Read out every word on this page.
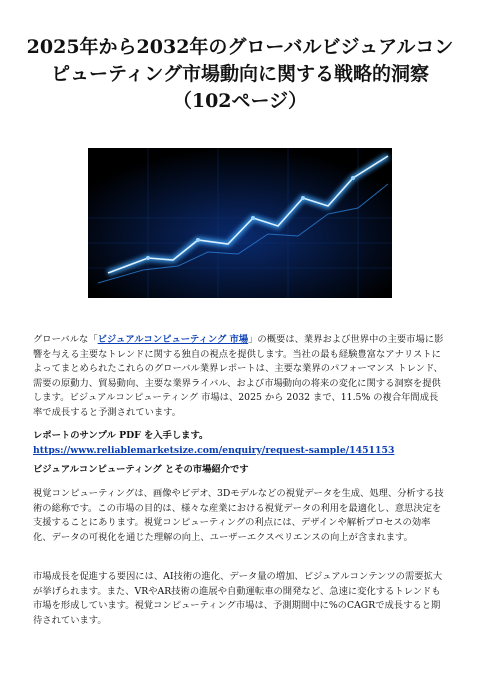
2025年から2032年のグローバルビジュアルコン
ピューティング市場動向に関する戦略的洞察
（102ページ）

グローバルな「ビジュアルコンピューティング 市場」の概要は、業界および世界中の主要市場に影響を与える主要なトレンドに関する独自の視点を提供します。当社の最も経験豊富なアナリストによってまとめられたこれらのグローバル業界レポートは、主要な業界のパフォーマンス トレンド、需要の原動力、貿易動向、主要な業界ライバル、および市場動向の将来の変化に関する洞察を提供します。ビジュアルコンピューティング 市場は、2025 から 2032 まで、11.5% の複合年間成長率で成長すると予測されています。

レポートのサンプル PDF を入手します。 https://www.reliablemarketsize.com/enquiry/request-sample/1451153

ビジュアルコンピューティング とその市場紹介です

視覚コンピューティングは、画像やビデオ、3Dモデルなどの視覚データを生成、処理、分析する技術の総称です。この市場の目的は、様々な産業における視覚データの利用を最適化し、意思決定を支援することにあります。視覚コンピューティングの利点には、デザインや解析プロセスの効率化、データの可視化を通じた理解の向上、ユーザーエクスペリエンスの向上が含まれます。

市場成長を促進する要因には、AI技術の進化、データ量の増加、ビジュアルコンテンツの需要拡大が挙げられます。また、VRやAR技術の進展や自動運転車の開発など、急速に変化するトレンドも市場を形成しています。視覚コンピューティング市場は、予測期間中に%のCAGRで成長すると期待されています。
